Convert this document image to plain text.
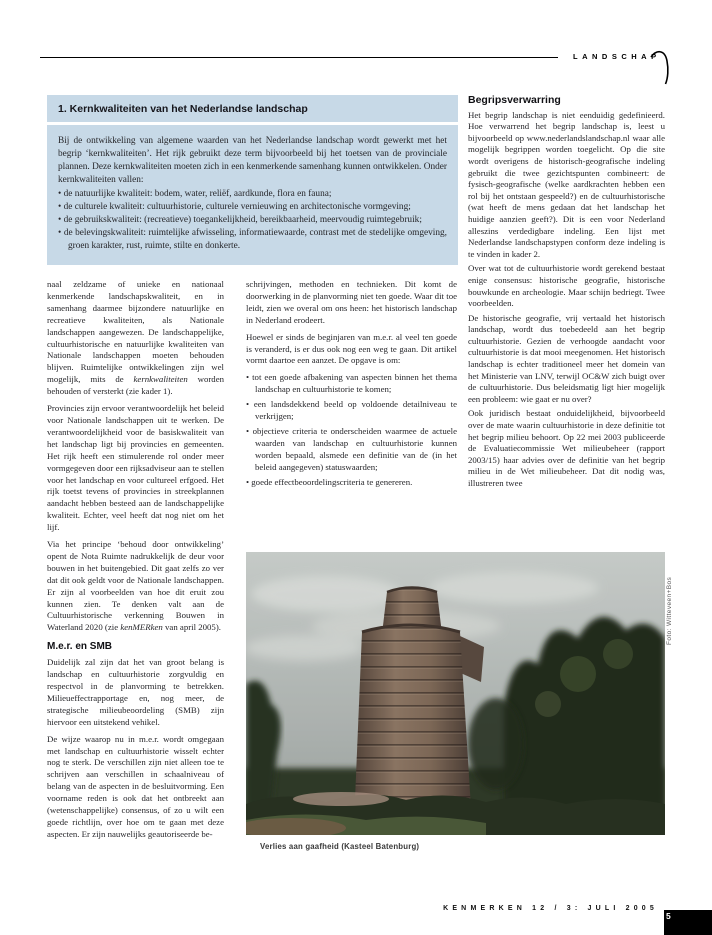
LANDSCHAP
1. Kernkwaliteiten van het Nederlandse landschap

Bij de ontwikkeling van algemene waarden van het Nederlandse landschap wordt gewerkt met het begrip ‘kernkwaliteiten’. Het rijk gebruikt deze term bijvoorbeeld bij het toetsen van de provinciale plannen. Deze kernkwaliteiten moeten zich in een kenmerkende samenhang kunnen ontwikkelen. Onder kernkwaliteiten vallen:

• de natuurlijke kwaliteit: bodem, water, reliëf, aardkunde, flora en fauna;
• de culturele kwaliteit: cultuurhistorie, culturele vernieuwing en architectonische vormgeving;
• de gebruikskwaliteit: (recreatieve) toegankelijkheid, bereikbaarheid, meervoudig ruimtegebruik;
• de belevingskwaliteit: ruimtelijke afwisseling, informatiewaarde, contrast met de stedelijke omgeving, groen karakter, rust, ruimte, stilte en donkerte.

naal zeldzame of unieke en nationaal kenmerkende landschapskwaliteit, en in samenhang daarmee bijzondere natuurlijke en recreatieve kwaliteiten, als Nationale landschappen aangewezen. De landschappelijke, cultuurhistorische en natuurlijke kwaliteiten van Nationale landschappen moeten behouden blijven. Ruimtelijke ontwikkelingen zijn wel mogelijk, mits de kernkwaliteiten worden behouden of versterkt (zie kader 1).

Provincies zijn ervoor verantwoordelijk het beleid voor Nationale landschappen uit te werken. De verantwoordelijkheid voor de basiskwaliteit van het landschap ligt bij provincies en gemeenten. Het rijk heeft een stimulerende rol onder meer vormgegeven door een rijksadviseur aan te stellen voor het landschap en voor cultureel erfgoed. Het rijk toetst tevens of provincies in streekplannen aandacht hebben besteed aan de landschappelijke kwaliteit. Echter, veel heeft dat nog niet om het lijf.

Via het principe ‘behoud door ontwikkeling’ opent de Nota Ruimte nadrukkelijk de deur voor bouwen in het buitengebied. Dit gaat zelfs zo ver dat dit ook geldt voor de Nationale landschappen. Er zijn al voorbeelden van hoe dit eruit zou kunnen zien. Te denken valt aan de Cultuurhistorische verkenning Bouwen in Waterland 2020 (zie kenMERken van april 2005).

M.e.r. en SMB

Duidelijk zal zijn dat het van groot belang is landschap en cultuurhistorie zorgvuldig en respectvol in de planvorming te betrekken. Milieueffectrapportage en, nog meer, de strategische milieubeoordeling (SMB) zijn hiervoor een uitstekend vehikel.

De wijze waarop nu in m.e.r. wordt omgegaan met landschap en cultuurhistorie wisselt echter nog te sterk. De verschillen zijn niet alleen toe te schrijven aan verschillen in schaalniveau of belang van de aspecten in de besluitvorming. Een voorname reden is ook dat het ontbreekt aan (wetenschappelijke) consensus, of zo u wilt een goede richtlijn, over hoe om te gaan met deze aspecten. Er zijn nauwelijks geautoriseerde be-

schrijvingen, methoden en technieken. Dit komt de doorwerking in de planvorming niet ten goede. Waar dit toe leidt, zien we overal om ons heen: het historisch landschap in Nederland erodeert.

Hoewel er sinds de beginjaren van m.e.r. al veel ten goede is veranderd, is er dus ook nog een weg te gaan. Dit artikel vormt daartoe een aanzet. De opgave is om:

• tot een goede afbakening van aspecten binnen het thema landschap en cultuurhistorie te komen;
• een landsdekkend beeld op voldoende detailniveau te verkrijgen;
• objectieve criteria te onderscheiden waarmee de actuele waarden van landschap en cultuurhistorie kunnen worden bepaald, alsmede een definitie van de (in het beleid aangegeven) statuswaarden;
• goede effectbeoordelingscriteria te genereren.
Begripsverwarring

Het begrip landschap is niet eenduidig gedefinieerd. Hoe verwarrend het begrip landschap is, leest u bijvoorbeeld op www.nederlandslandschap.nl waar alle mogelijk begrippen worden toegelicht. Op die site wordt overigens de historisch-geografische indeling gebruikt die twee gezichtspunten combineert: de fysisch-geografische (welke aardkrachten hebben een rol bij het ontstaan gespeeld?) en de cultuurhistorische (wat heeft de mens gedaan dat het landschap het huidige aanzien geeft?). Dit is een voor Nederland alleszins verdedigbare indeling. Een lijst met Nederlandse landschapstypen conform deze indeling is te vinden in kader 2.

Over wat tot de cultuurhistorie wordt gerekend bestaat enige consensus: historische geografie, historische bouwkunde en archeologie. Maar schijn bedriegt. Twee voorbeelden.

De historische geografie, vrij vertaald het historisch landschap, wordt dus toebedeeld aan het begrip cultuurhistorie. Gezien de verhoogde aandacht voor cultuurhistorie is dat mooi meegenomen. Het historisch landschap is echter traditioneel meer het domein van het Ministerie van LNV, terwijl OC&W zich buigt over de cultuurhistorie. Dus beleidsmatig ligt hier mogelijk een probleem: wie gaat er nu over?

Ook juridisch bestaat onduidelijkheid, bijvoorbeeld over de mate waarin cultuurhistorie in deze definitie tot het begrip milieu behoort. Op 22 mei 2003 publiceerde de Evaluatiecommissie Wet milieubeheer (rapport 2003/15) haar advies over de definitie van het begrip milieu in de Wet milieubeheer. Dat dit nodig was, illustreren twee

Foto: Witteveen+Bos
Verlies aan gaafheid (Kasteel Batenburg)
KENMERKEN 12 / 3: JULI 2005
5
